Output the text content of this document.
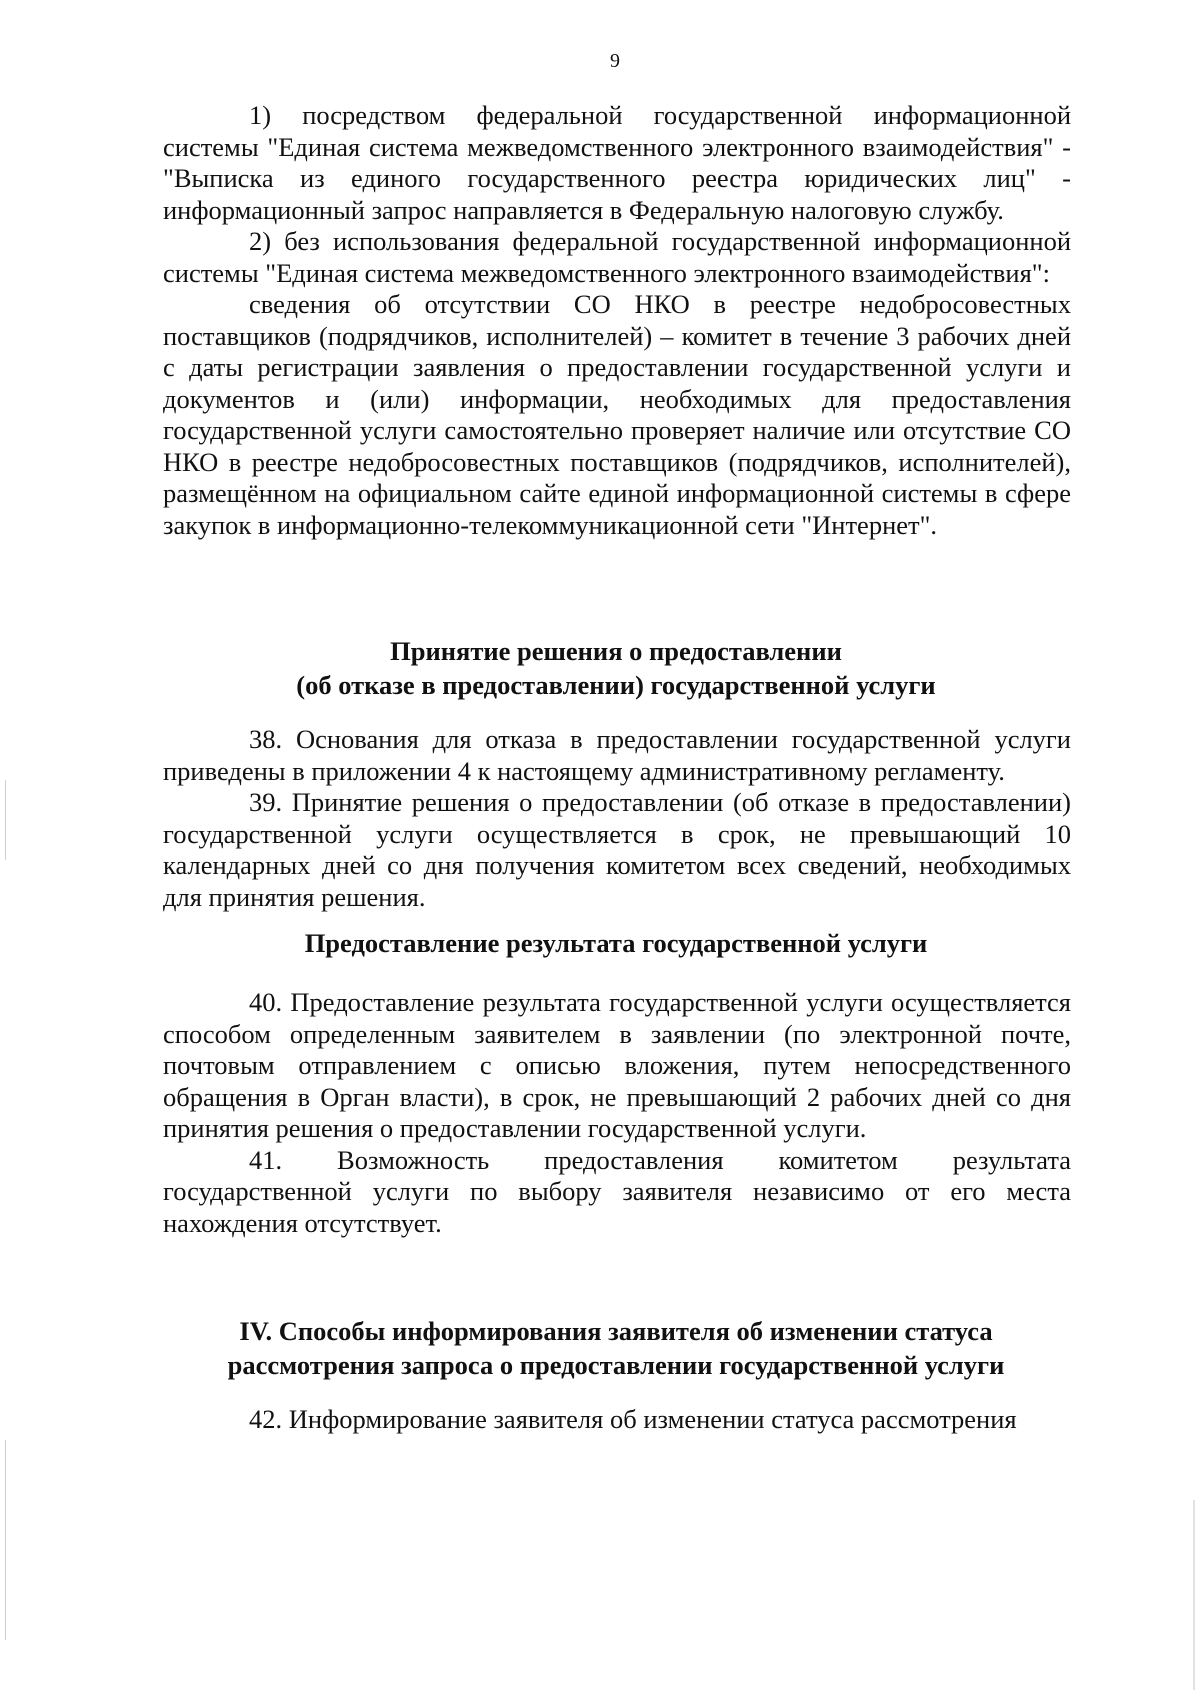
9

1) посредством федеральной государственной информационной системы "Единая система межведомственного электронного взаимодействия" - "Выписка из единого государственного реестра юридических лиц" - информационный запрос направляется в Федеральную налоговую службу.

2) без использования федеральной государственной информационной системы "Единая система межведомственного электронного взаимодействия":

сведения об отсутствии СО НКО в реестре недобросовестных поставщиков (подрядчиков, исполнителей) – комитет в течение 3 рабочих дней с даты регистрации заявления о предоставлении государственной услуги и документов и (или) информации, необходимых для предоставления государственной услуги самостоятельно проверяет наличие или отсутствие СО НКО в реестре недобросовестных поставщиков (подрядчиков, исполнителей), размещённом на официальном сайте единой информационной системы в сфере закупок в информационно-телекоммуникационной сети "Интернет".

Принятие решения о предоставлении
(об отказе в предоставлении) государственной услуги

38. Основания для отказа в предоставлении государственной услуги приведены в приложении 4 к настоящему административному регламенту.

39. Принятие решения о предоставлении (об отказе в предоставлении) государственной услуги осуществляется в срок, не превышающий 10 календарных дней со дня получения комитетом всех сведений, необходимых для принятия решения.

Предоставление результата государственной услуги

40. Предоставление результата государственной услуги осуществляется способом определенным заявителем в заявлении (по электронной почте, почтовым отправлением с описью вложения, путем непосредственного обращения в Орган власти), в срок, не превышающий 2 рабочих дней со дня принятия решения о предоставлении государственной услуги.

41. Возможность предоставления комитетом результата государственной услуги по выбору заявителя независимо от его места нахождения отсутствует.

IV. Способы информирования заявителя об изменении статуса
рассмотрения запроса о предоставлении государственной услуги

42. Информирование заявителя об изменении статуса рассмотрения
